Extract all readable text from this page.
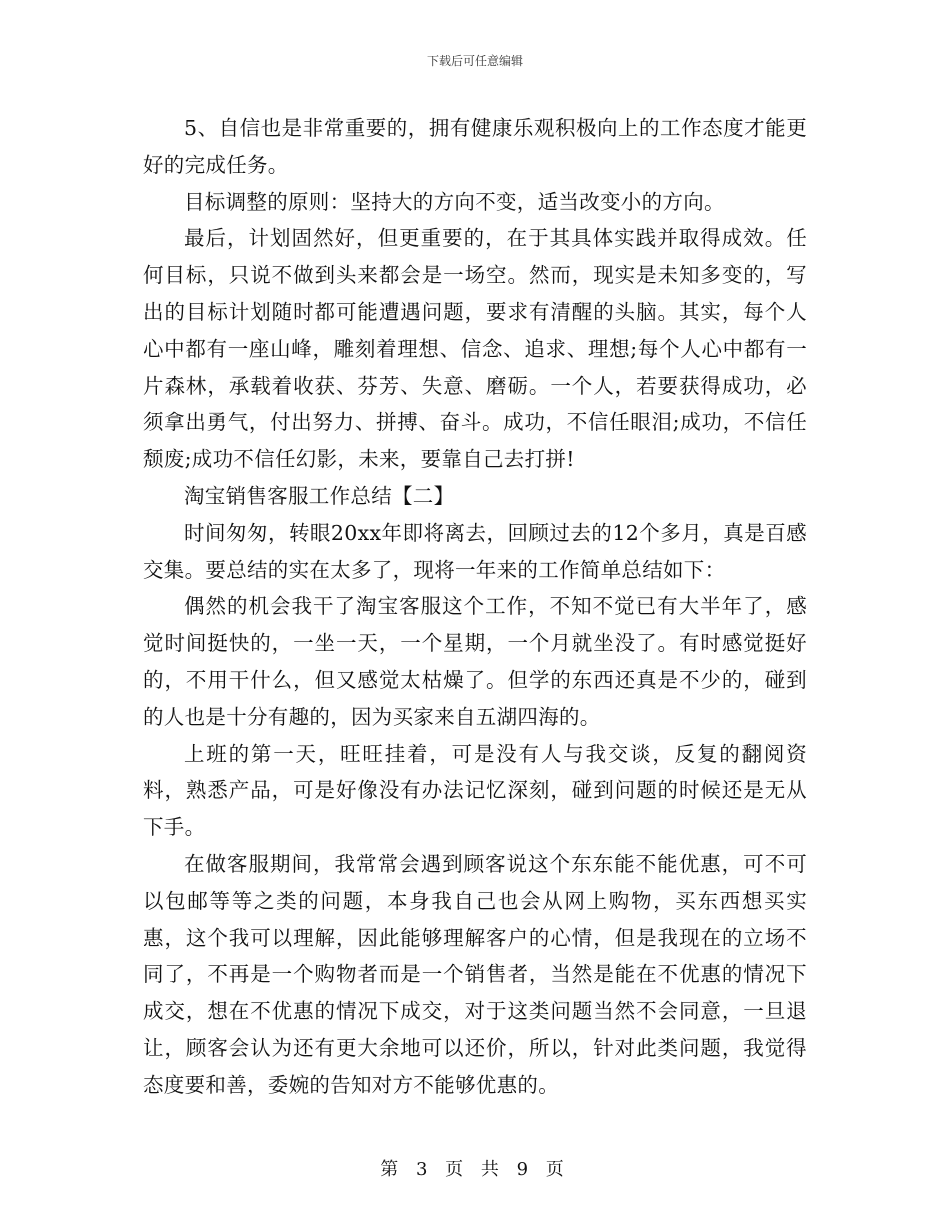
下载后可任意编辑

5、自信也是非常重要的，拥有健康乐观积极向上的工作态度才能更好的完成任务。

目标调整的原则：坚持大的方向不变，适当改变小的方向。

最后，计划固然好，但更重要的，在于其具体实践并取得成效。任何目标，只说不做到头来都会是一场空。然而，现实是未知多变的，写出的目标计划随时都可能遭遇问题，要求有清醒的头脑。其实，每个人心中都有一座山峰，雕刻着理想、信念、追求、理想;每个人心中都有一片森林，承载着收获、芬芳、失意、磨砺。一个人，若要获得成功，必须拿出勇气，付出努力、拼搏、奋斗。成功，不信任眼泪;成功，不信任颓废;成功不信任幻影，未来，要靠自己去打拼!

淘宝销售客服工作总结【二】

时间匆匆，转眼20xx年即将离去，回顾过去的12个多月，真是百感交集。要总结的实在太多了，现将一年来的工作简单总结如下：

偶然的机会我干了淘宝客服这个工作，不知不觉已有大半年了，感觉时间挺快的，一坐一天，一个星期，一个月就坐没了。有时感觉挺好的，不用干什么，但又感觉太枯燥了。但学的东西还真是不少的，碰到的人也是十分有趣的，因为买家来自五湖四海的。

上班的第一天，旺旺挂着，可是没有人与我交谈，反复的翻阅资料，熟悉产品，可是好像没有办法记忆深刻，碰到问题的时候还是无从下手。

在做客服期间，我常常会遇到顾客说这个东东能不能优惠，可不可以包邮等等之类的问题，本身我自己也会从网上购物，买东西想买实惠，这个我可以理解，因此能够理解客户的心情，但是我现在的立场不同了，不再是一个购物者而是一个销售者，当然是能在不优惠的情况下成交，想在不优惠的情况下成交，对于这类问题当然不会同意，一旦退让，顾客会认为还有更大余地可以还价，所以，针对此类问题，我觉得态度要和善，委婉的告知对方不能够优惠的。

第 3 页 共 9 页
